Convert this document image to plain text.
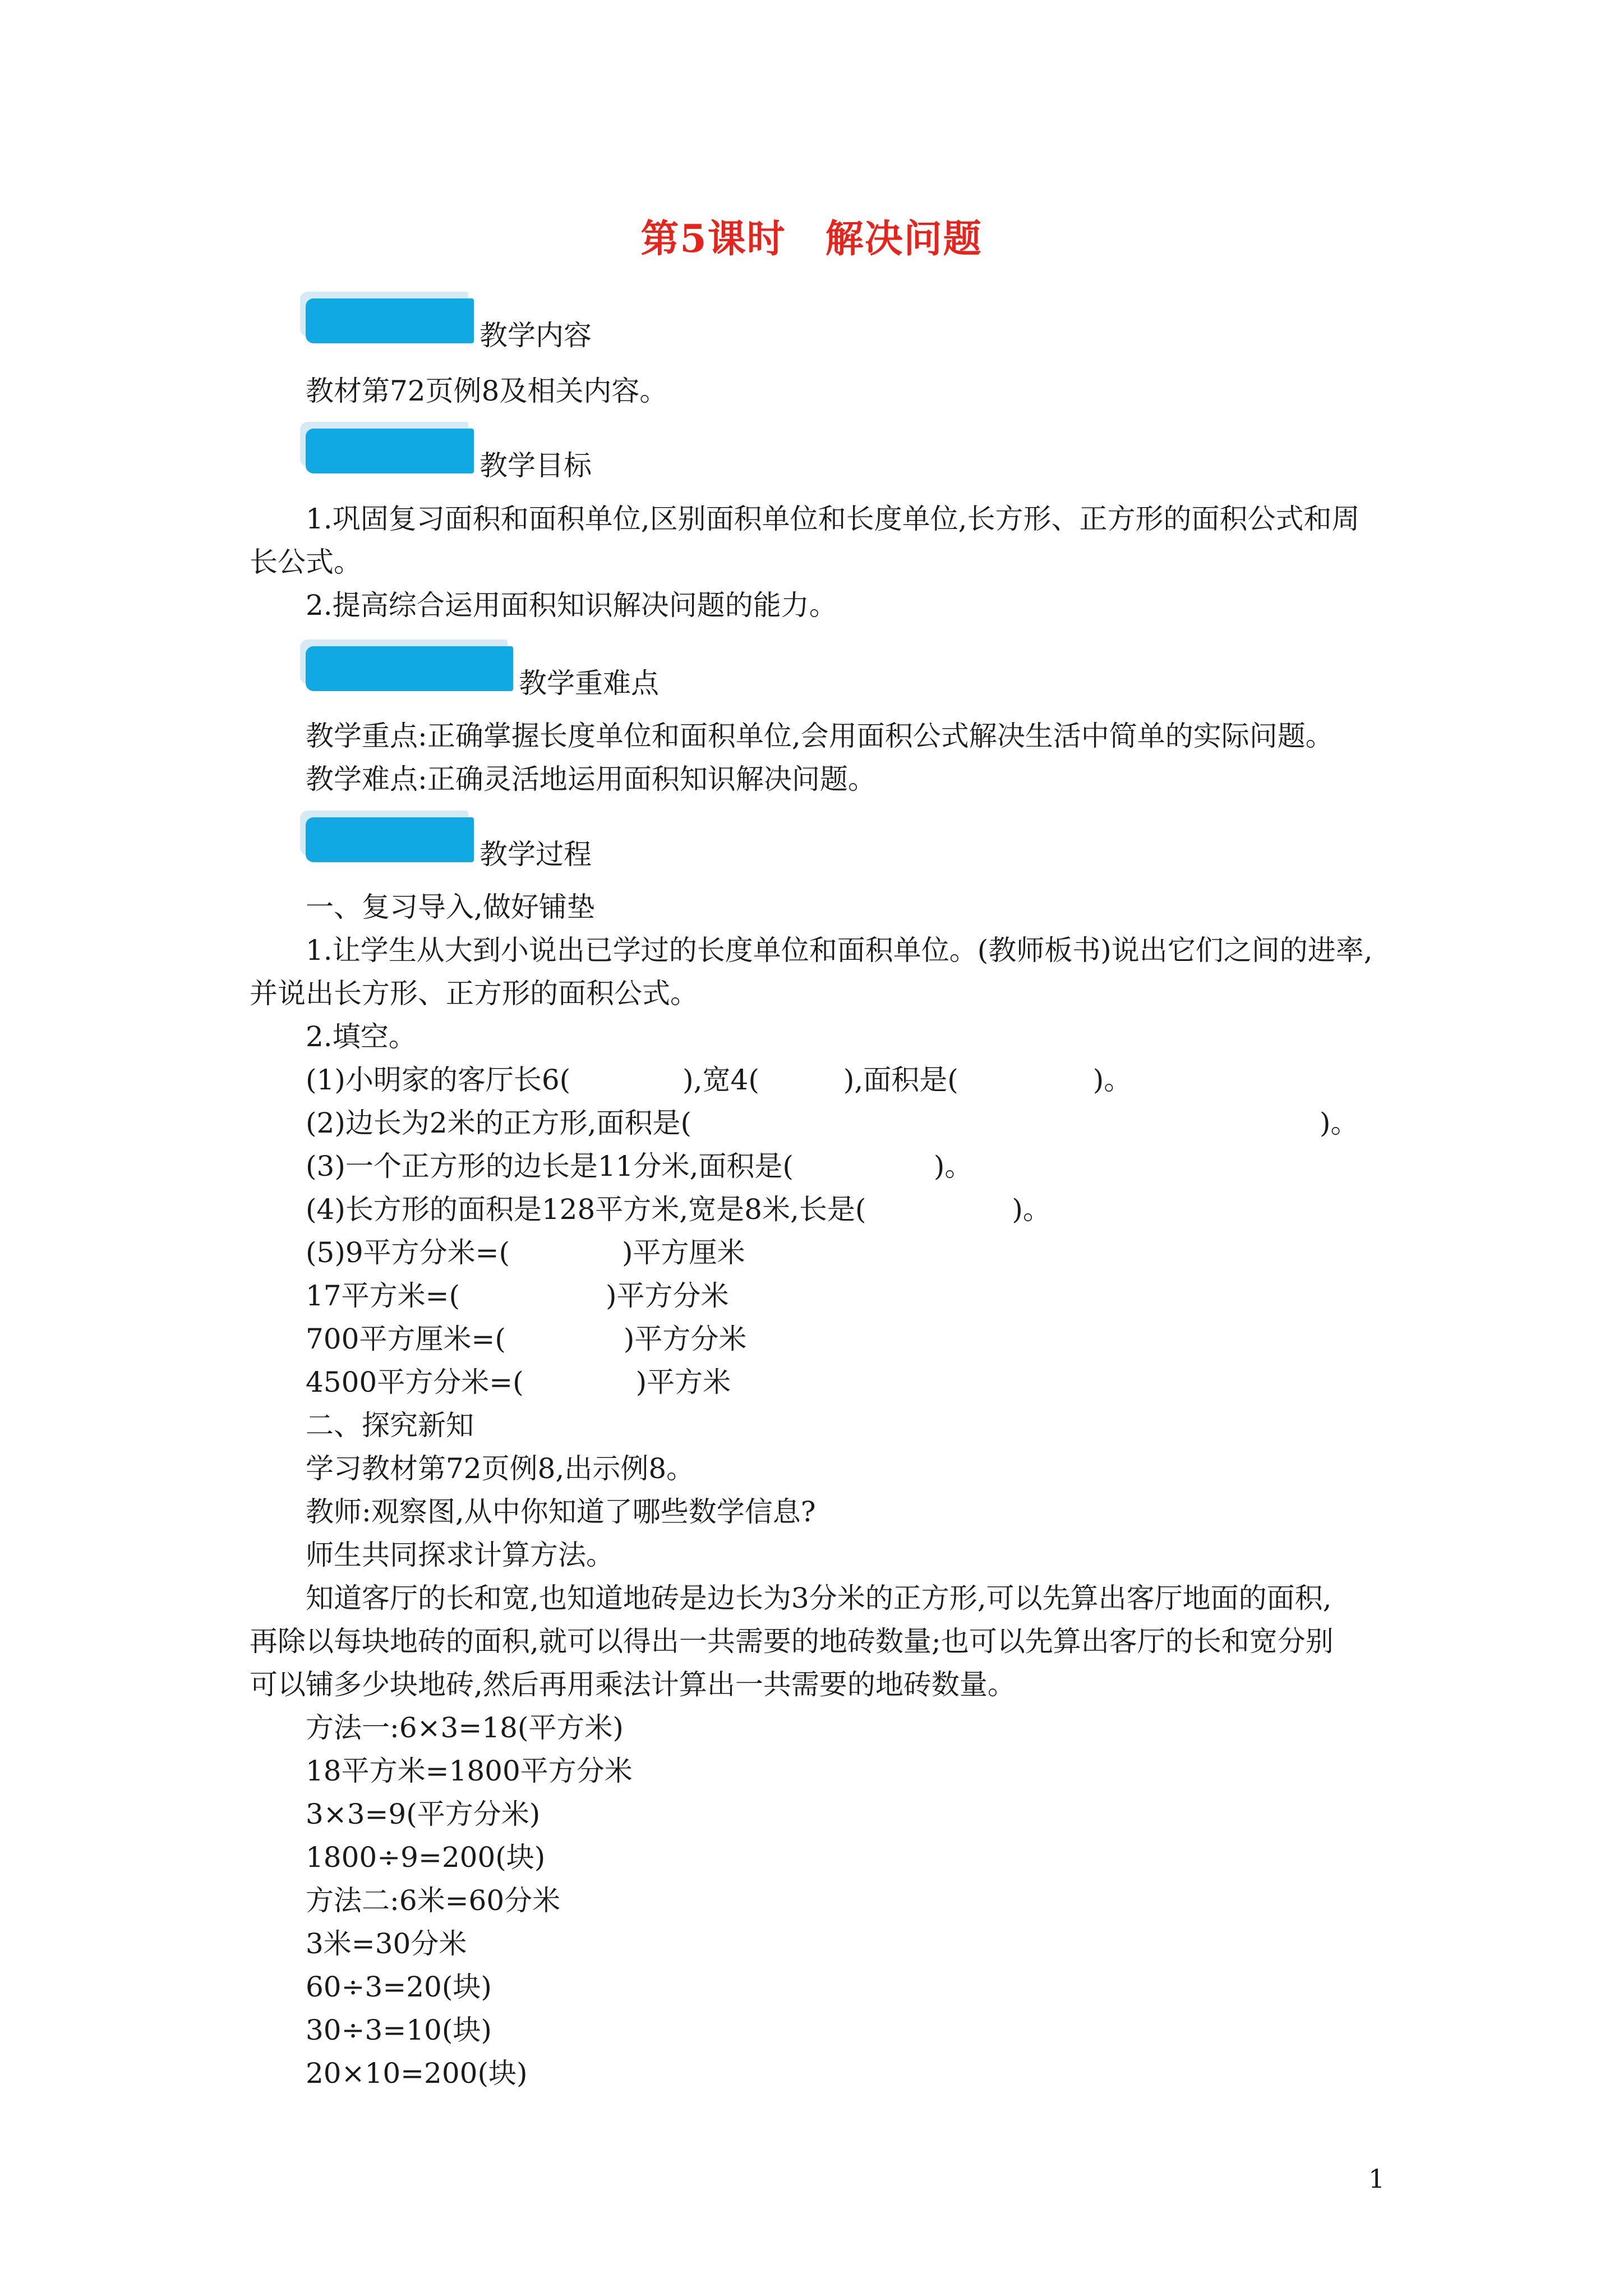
第5课时 解决问题
教学内容
教材第72页例8及相关内容。
教学目标
1.巩固复习面积和面积单位,区别面积单位和长度单位,长方形、正方形的面积公式和周
长公式。
2.提高综合运用面积知识解决问题的能力。
教学重难点
教学重点:正确掌握长度单位和面积单位,会用面积公式解决生活中简单的实际问题。
教学难点:正确灵活地运用面积知识解决问题。
教学过程
一、复习导入,做好铺垫
1.让学生从大到小说出已学过的长度单位和面积单位。(教师板书)说出它们之间的进率,
并说出长方形、正方形的面积公式。
2.填空。
(1)小明家的客厅长6(	),宽4(	),面积是(	)。
(2)边长为2米的正方形,面积是(	)。
(3)一个正方形的边长是11分米,面积是(	)。
(4)长方形的面积是128平方米,宽是8米,长是(	)。
(5)9平方分米=(	)平方厘米
17平方米=(	)平方分米
700平方厘米=(	)平方分米
4500平方分米=(	)平方米
二、探究新知
学习教材第72页例8,出示例8。
教师:观察图,从中你知道了哪些数学信息?
师生共同探求计算方法。
知道客厅的长和宽,也知道地砖是边长为3分米的正方形,可以先算出客厅地面的面积,
再除以每块地砖的面积,就可以得出一共需要的地砖数量;也可以先算出客厅的长和宽分别
可以铺多少块地砖,然后再用乘法计算出一共需要的地砖数量。
方法一:6×3=18(平方米)
18平方米=1800平方分米
3×3=9(平方分米)
1800÷9=200(块)
方法二:6米=60分米
3米=30分米
60÷3=20(块)
30÷3=10(块)
20×10=200(块)
1
